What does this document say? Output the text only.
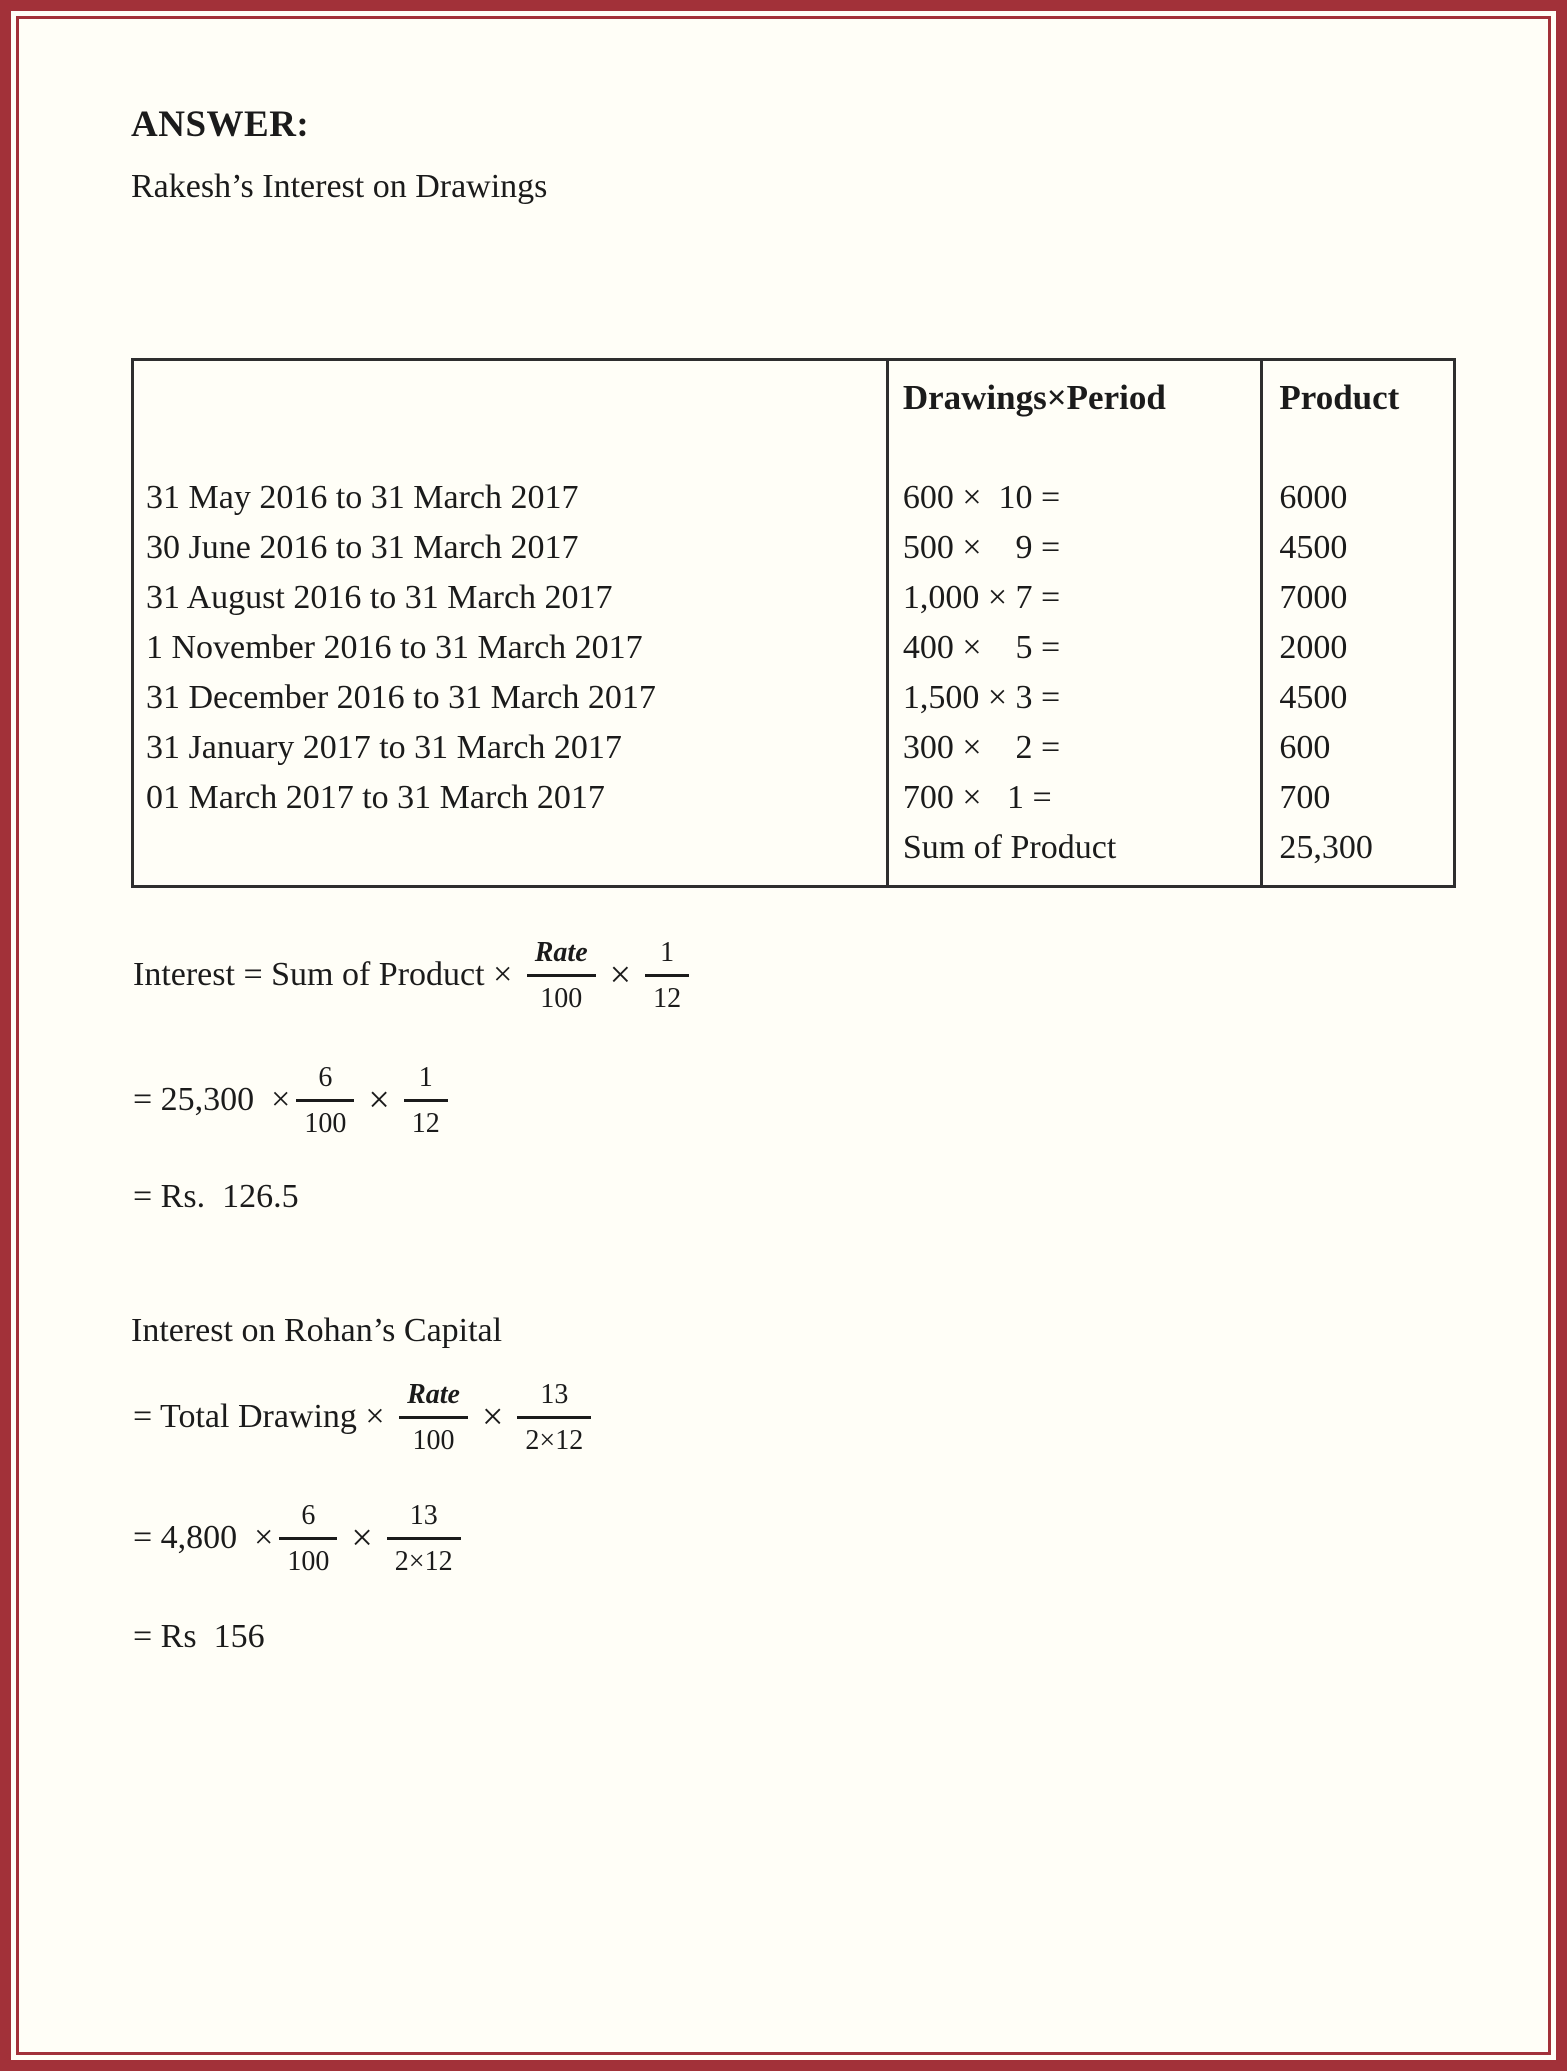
ANSWER:
Rakesh’s Interest on Drawings
31 May 2016 to 31 March 2017
30 June 2016 to 31 March 2017
31 August 2016 to 31 March 2017
1 November 2016 to 31 March 2017
31 December 2016 to 31 March 2017
31 January 2017 to 31 March 2017
01 March 2017 to 31 March 2017
Drawings×Period
600 ×  10 =
500 ×    9 =
1,000 × 7 =
400 ×    5 =
1,500 × 3 =
300 ×    2 =
700 ×   1 =
Sum of Product
Product
6000
4500
7000
2000
4500
600
700
25,300
Interest = Sum of Product × $\frac{\text{Rate}}{100} \times \frac{1}{12}$
= $25,300 \times \frac{6}{100} \times \frac{1}{12}$
= Rs.  126.5
Interest on Rohan’s Capital
= Total Drawing × $\frac{\text{Rate}}{100} \times \frac{13}{2\times 12}$
= $4,800 \times \frac{6}{100} \times \frac{13}{2\times 12}$
= Rs  156
